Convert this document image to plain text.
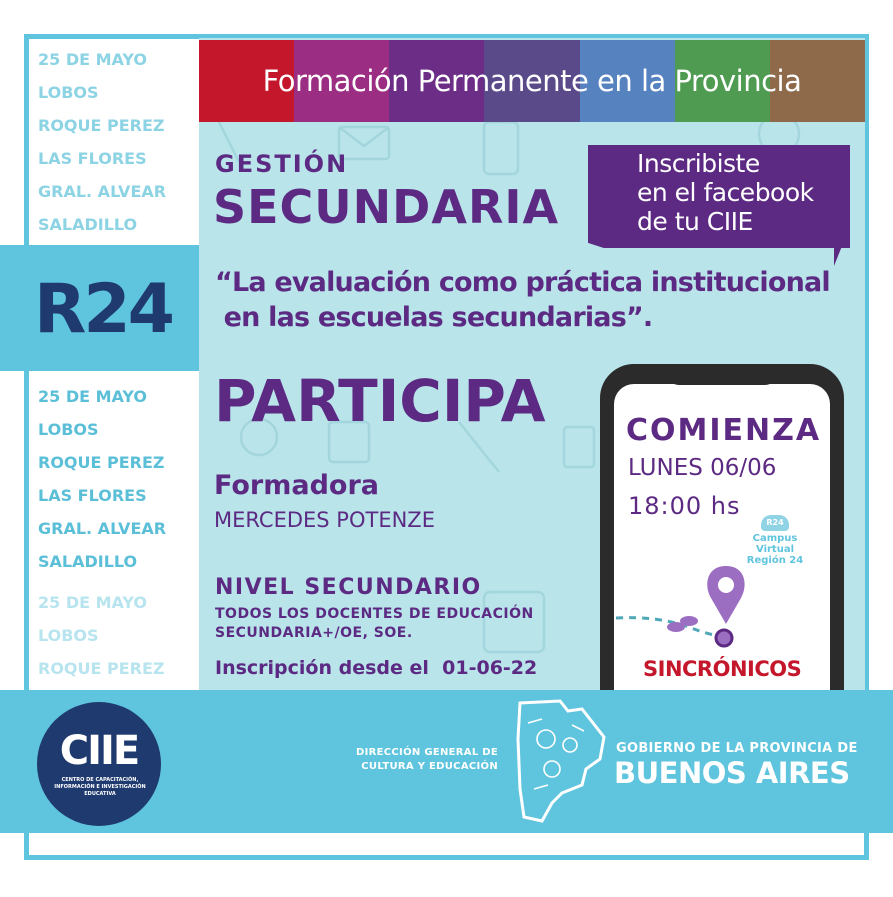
Formación Permanente en la Provincia
25 DE MAYO
LOBOS
ROQUE PEREZ
LAS FLORES
GRAL. ALVEAR
SALADILLO
R24
25 DE MAYO
LOBOS
ROQUE PEREZ
LAS FLORES
GRAL. ALVEAR
SALADILLO
25 DE MAYO
LOBOS
ROQUE PEREZ
GESTIÓN
SECUNDARIA
Inscribiste
en el facebook
de tu CIIE
“La evaluación como práctica institucional
en las escuelas secundarias”.
PARTICIPA
Formadora
MERCEDES POTENZE
NIVEL SECUNDARIO
TODOS LOS DOCENTES DE EDUCACIÓN
SECUNDARIA+/OE, SOE.
Inscripción desde el  01-06-22
COMIENZA
LUNES 06/06
18:00 hs
R24
Campus Virtual
Región 24
SINCRÓNICOS
CIIE
CENTRO DE CAPACITACIÓN, INFORMACIÓN E INVESTIGACIÓN EDUCATIVA
DIRECCIÓN GENERAL DE
CULTURA Y EDUCACIÓN
GOBIERNO DE LA PROVINCIA DE
BUENOS AIRES
